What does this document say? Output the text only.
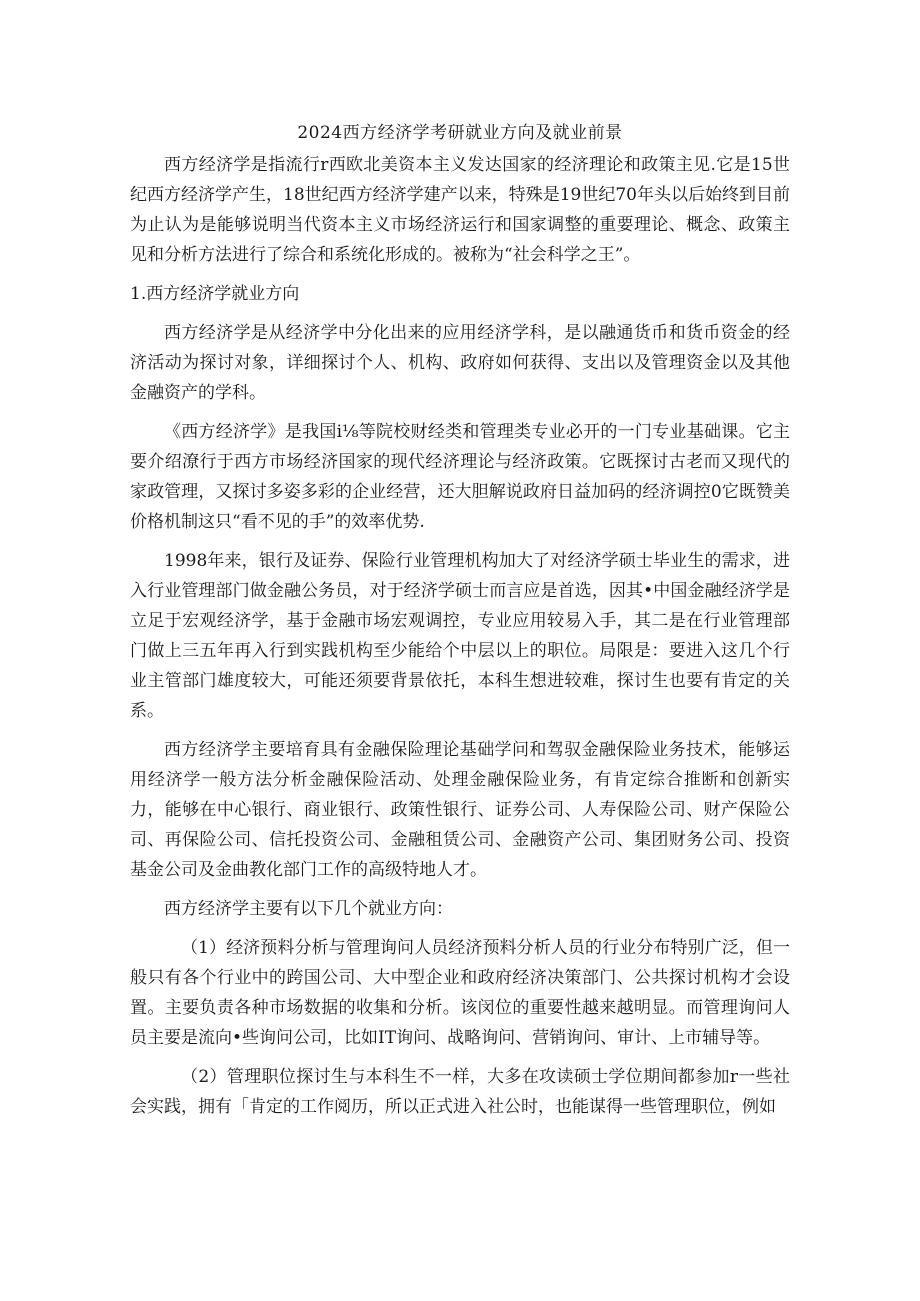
2024西方经济学考研就业方向及就业前景

西方经济学是指流行r西欧北美资本主义发达国家的经济理论和政策主见.它是15世纪西方经济学产生，18世纪西方经济学建产以来，特殊是19世纪70年头以后始终到目前为止认为是能够说明当代资本主义市场经济运行和国家调整的重要理论、概念、政策主见和分析方法进行了综合和系统化形成的。被称为“社会科学之王”。

1.西方经济学就业方向

西方经济学是从经济学中分化出来的应用经济学科，是以融通货币和货币资金的经济活动为探讨对象，详细探讨个人、机构、政府如何获得、支出以及管理资金以及其他金融资产的学科。

《西方经济学》是我国i⅛等院校财经类和管理类专业必开的一门专业基础课。它主要介绍潦行于西方市场经济国家的现代经济理论与经济政策。它既探讨古老而又现代的家政管理，又探讨多姿多彩的企业经营，还大胆解说政府日益加码的经济调控0它既赞美价格机制这只“看不见的手”的效率优势.

1998年来，银行及证券、保险行业管理机构加大了对经济学硕士毕业生的需求，进入行业管理部门做金融公务员，对于经济学硕士而言应是首选，因其•中国金融经济学是立足于宏观经济学，基于金融市场宏观调控，专业应用较易入手，其二是在行业管理部门做上三五年再入行到实践机构至少能给个中层以上的职位。局限是：要进入这几个行业主管部门雄度较大，可能还须要背景依托，本科生想进较难，探讨生也要有肯定的关系。

西方经济学主要培育具有金融保险理论基础学问和驾驭金融保险业务技术，能够运用经济学一般方法分析金融保险活动、处理金融保险业务，有肯定综合推断和创新实力，能够在中心银行、商业银行、政策性银行、证券公司、人寿保险公司、财产保险公司、再保险公司、信托投资公司、金融租赁公司、金融资产公司、集团财务公司、投资基金公司及金曲教化部门工作的高级特地人才。

西方经济学主要有以下几个就业方向：

（1）经济预料分析与管理询问人员经济预料分析人员的行业分布特别广泛，但一般只有各个行业中的跨国公司、大中型企业和政府经济决策部门、公共探讨机构才会设置。主要负责各种市场数据的收集和分析。该闵位的重要性越来越明显。而管理询问人员主要是流向•些询问公司，比如IT询问、战略询问、营销询问、审计、上市辅导等。

（2）管理职位探讨生与本科生不一样，大多在攻读硕士学位期间都参加r一些社会实践，拥有「肯定的工作阅历，所以正式进入社公时，也能谋得一些管理职位，例如
